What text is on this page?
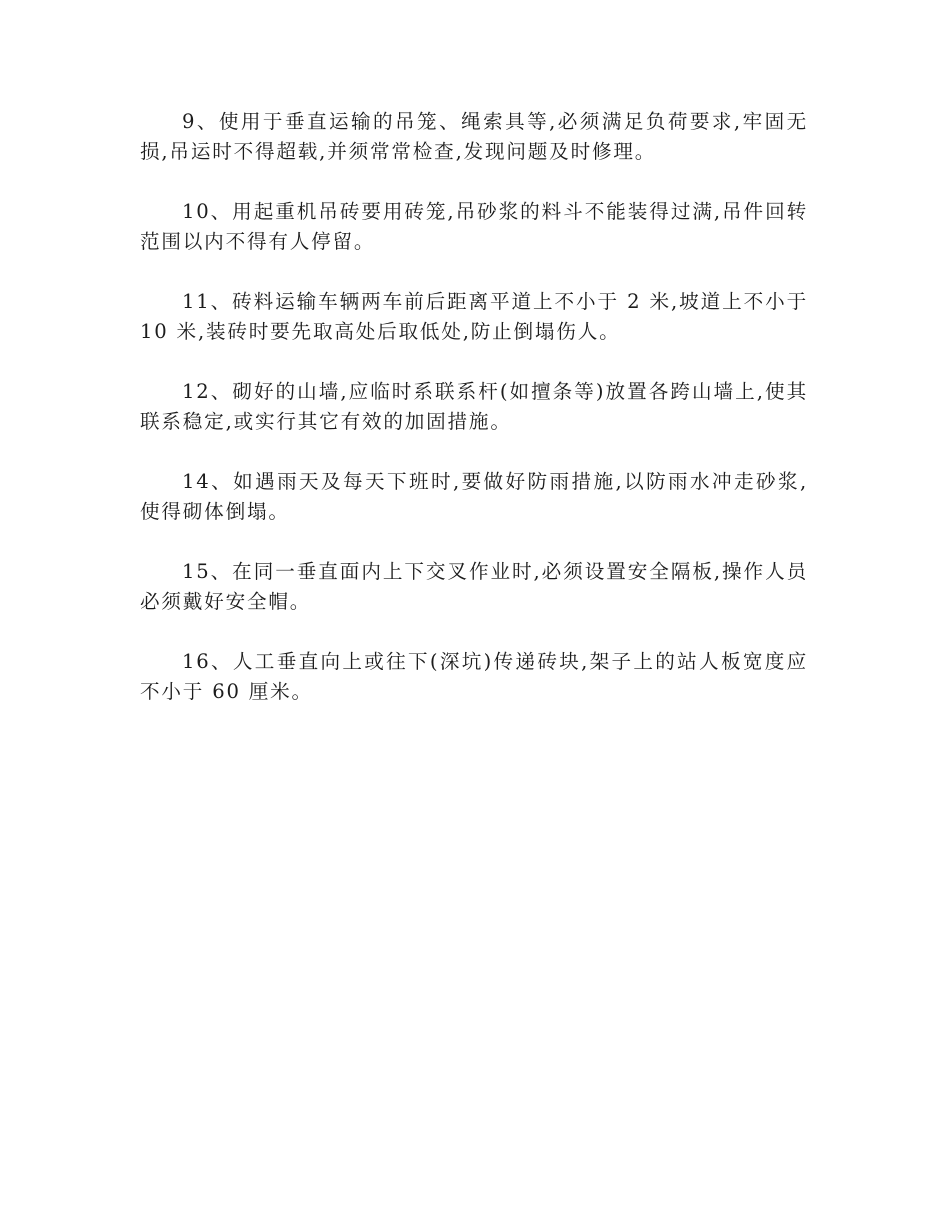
9、使用于垂直运输的吊笼、绳索具等,必须满足负荷要求,牢固无损,吊运时不得超载,并须常常检查,发现问题及时修理。

10、用起重机吊砖要用砖笼,吊砂浆的料斗不能装得过满,吊件回转范围以内不得有人停留。

11、砖料运输车辆两车前后距离平道上不小于 2 米,坡道上不小于 10 米,装砖时要先取高处后取低处,防止倒塌伤人。

12、砌好的山墙,应临时系联系杆(如擅条等)放置各跨山墙上,使其联系稳定,或实行其它有效的加固措施。

14、如遇雨天及每天下班时,要做好防雨措施,以防雨水冲走砂浆,使得砌体倒塌。

15、在同一垂直面内上下交叉作业时,必须设置安全隔板,操作人员必须戴好安全帽。

16、人工垂直向上或往下(深坑)传递砖块,架子上的站人板宽度应不小于 60 厘米。
